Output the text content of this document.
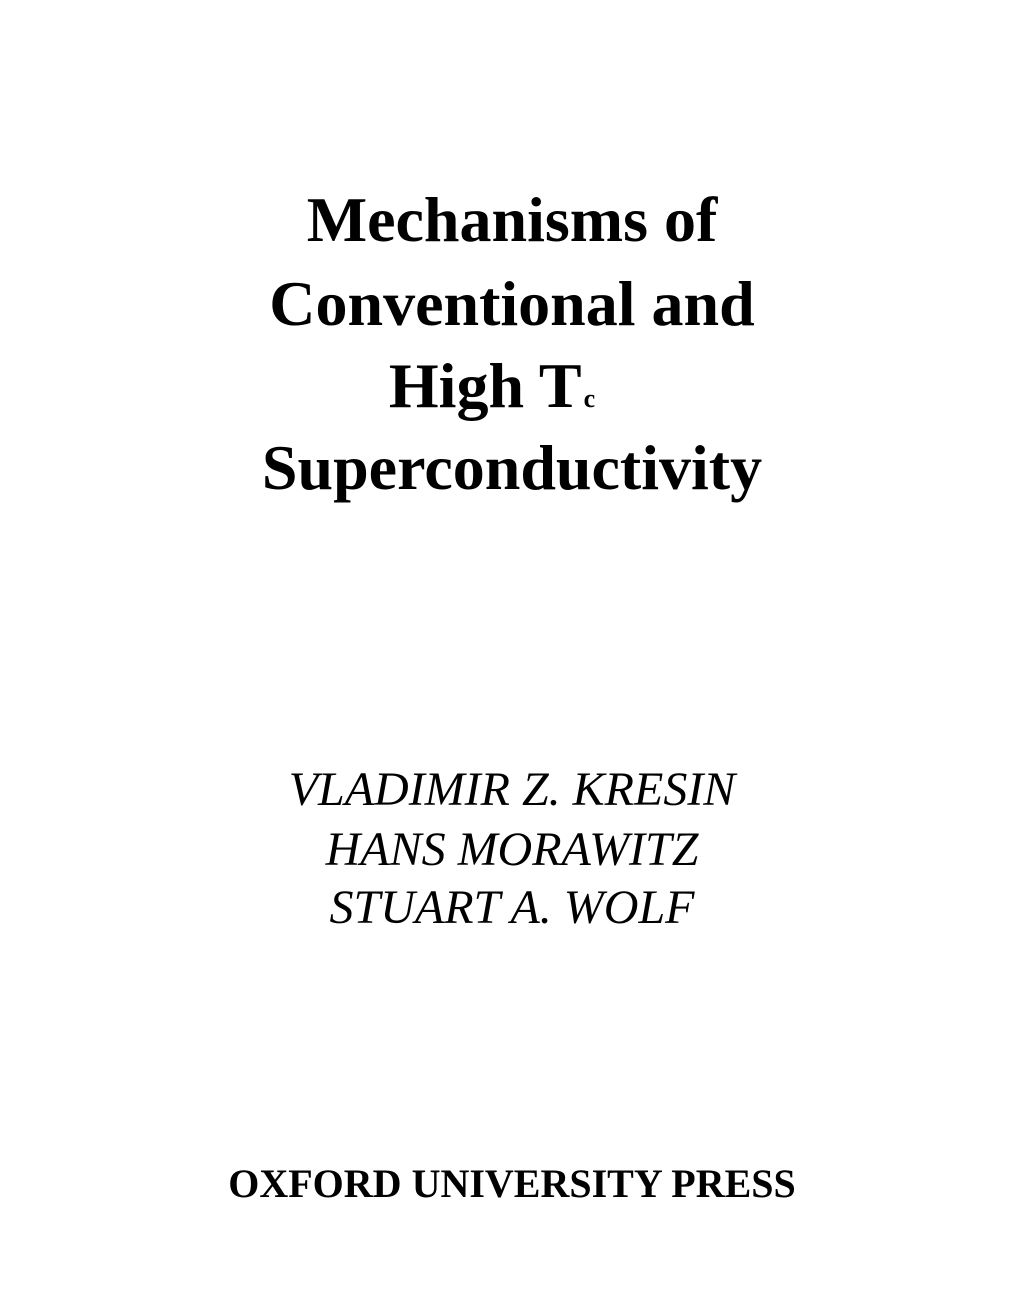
Mechanisms of
Conventional and
High Tc
Superconductivity
VLADIMIR Z. KRESIN
HANS MORAWITZ
STUART A. WOLF
OXFORD UNIVERSITY PRESS
